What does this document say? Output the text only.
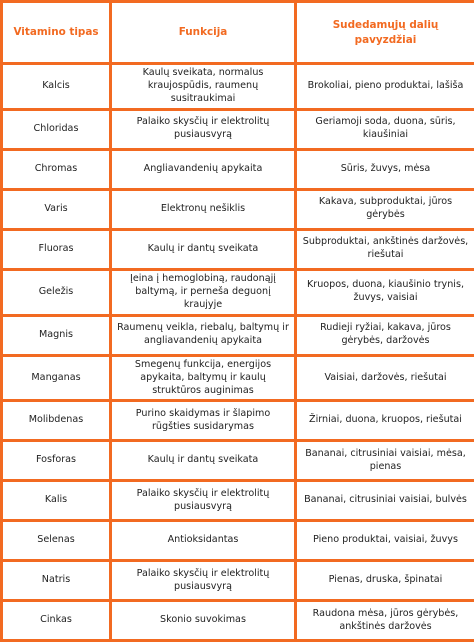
Vitamino tipas	Funkcija	Sudedamųjų dalių pavyzdžiai
Kalcis	Kaulų sveikata, normalus kraujospūdis, raumenų susitraukimai	Brokoliai, pieno produktai, lašiša
Chloridas	Palaiko skysčių ir elektrolitų pusiausvyrą	Geriamoji soda, duona, sūris, kiaušiniai
Chromas	Angliavandenių apykaita	Sūris, žuvys, mėsa
Varis	Elektronų nešiklis	Kakava, subproduktai, jūros gėrybės
Fluoras	Kaulų ir dantų sveikata	Subproduktai, ankštinės daržovės, riešutai
Geležis	Įeina į hemoglobiną, raudonąjį baltymą, ir perneša deguonį kraujyje	Kruopos, duona, kiaušinio trynis, žuvys, vaisiai
Magnis	Raumenų veikla, riebalų, baltymų ir angliavandenių apykaita	Rudieji ryžiai, kakava, jūros gėrybės, daržovės
Manganas	Smegenų funkcija, energijos apykaita, baltymų ir kaulų struktūros auginimas	Vaisiai, daržovės, riešutai
Molibdenas	Purino skaidymas ir šlapimo rūgšties susidarymas	Žirniai, duona, kruopos, riešutai
Fosforas	Kaulų ir dantų sveikata	Bananai, citrusiniai vaisiai, mėsa, pienas
Kalis	Palaiko skysčių ir elektrolitų pusiausvyrą	Bananai, citrusiniai vaisiai, bulvės
Selenas	Antioksidantas	Pieno produktai, vaisiai, žuvys
Natris	Palaiko skysčių ir elektrolitų pusiausvyrą	Pienas, druska, špinatai
Cinkas	Skonio suvokimas	Raudona mėsa, jūros gėrybės, ankštinės daržovės
